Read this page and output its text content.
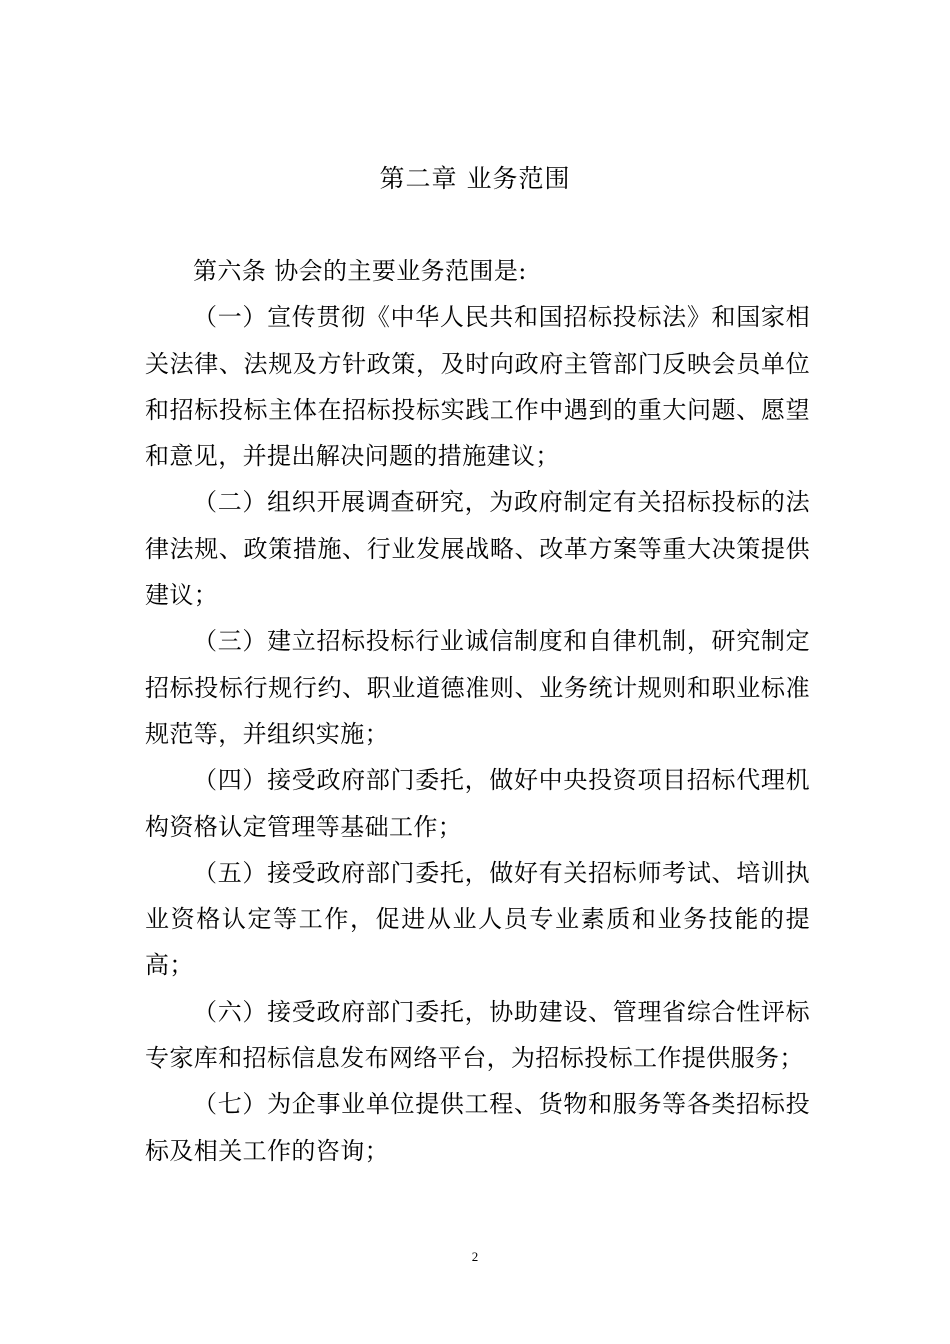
第二章 业务范围

第六条 协会的主要业务范围是:

（一）宣传贯彻《中华人民共和国招标投标法》和国家相关法律、法规及方针政策，及时向政府主管部门反映会员单位和招标投标主体在招标投标实践工作中遇到的重大问题、愿望和意见，并提出解决问题的措施建议；

（二）组织开展调查研究，为政府制定有关招标投标的法律法规、政策措施、行业发展战略、改革方案等重大决策提供建议；

（三）建立招标投标行业诚信制度和自律机制，研究制定招标投标行规行约、职业道德准则、业务统计规则和职业标准规范等，并组织实施；

（四）接受政府部门委托，做好中央投资项目招标代理机构资格认定管理等基础工作；

（五）接受政府部门委托，做好有关招标师考试、培训执业资格认定等工作，促进从业人员专业素质和业务技能的提高；

（六）接受政府部门委托，协助建设、管理省综合性评标专家库和招标信息发布网络平台，为招标投标工作提供服务；

（七）为企事业单位提供工程、货物和服务等各类招标投标及相关工作的咨询；

2
